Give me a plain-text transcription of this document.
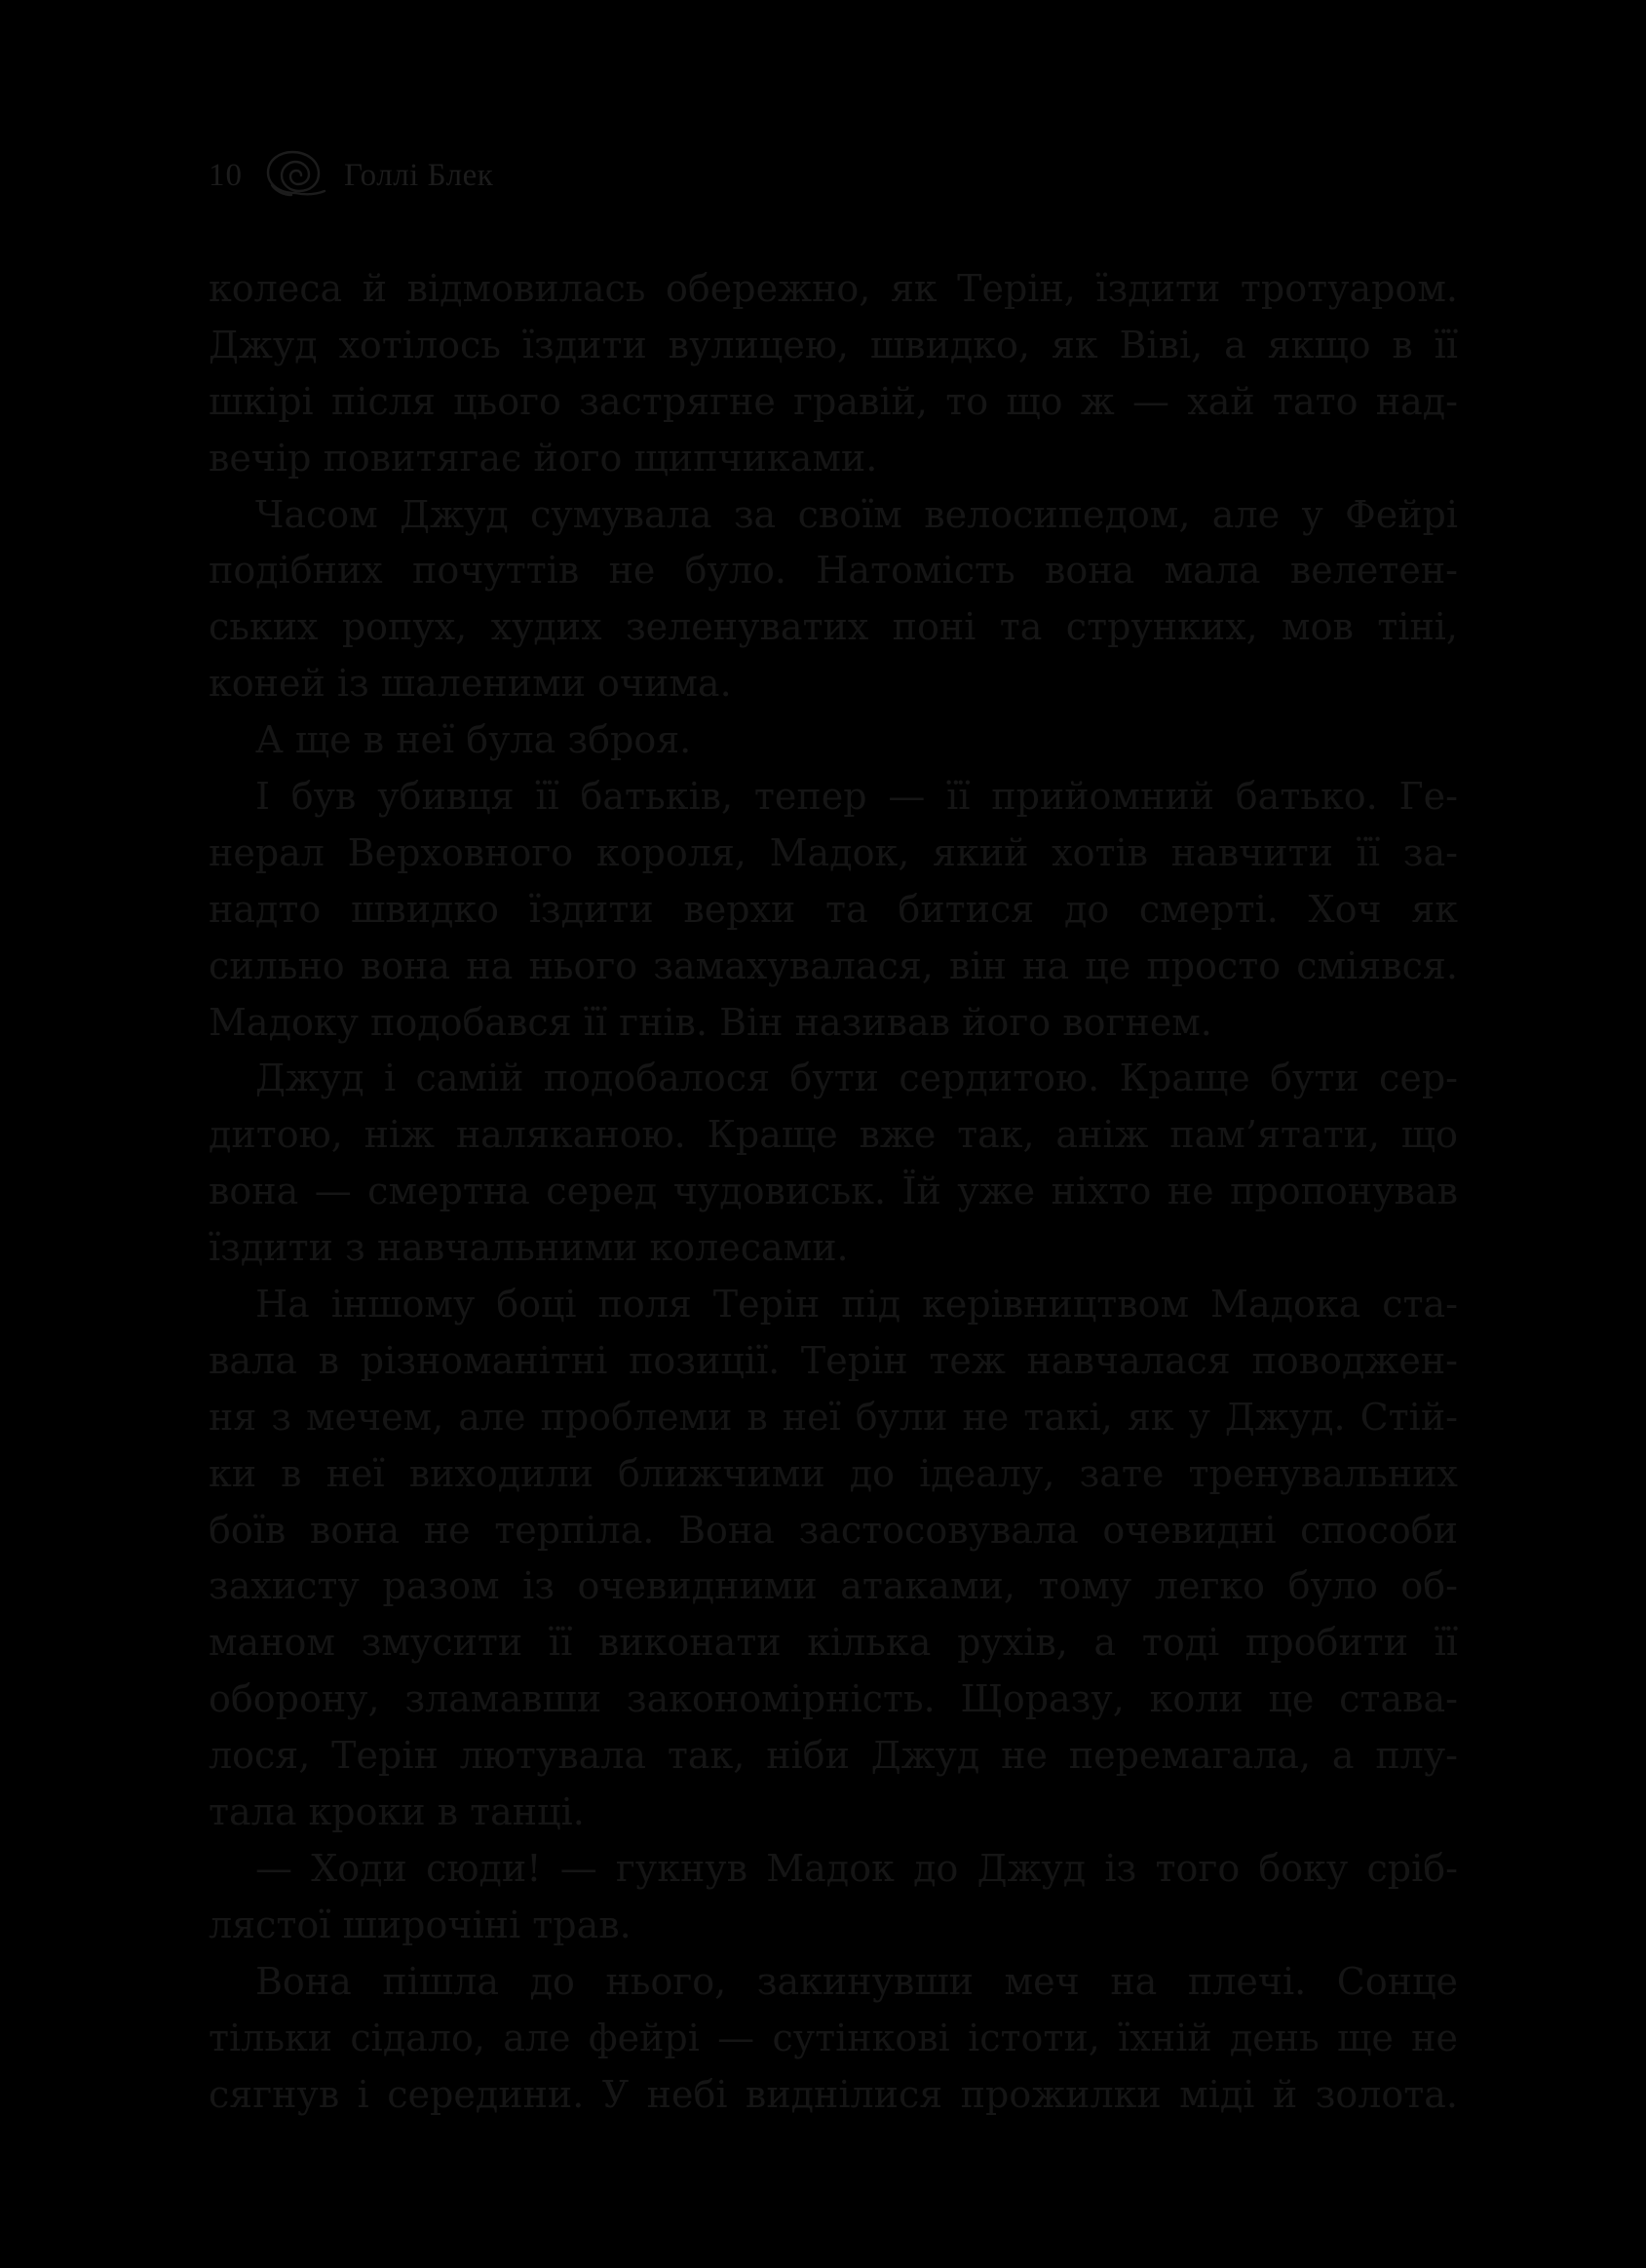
10	Голлі Блек
колеса й відмовилась обережно, як Терін, їздити тротуаром.
Джуд хотілось їздити вулицею, швидко, як Віві, а якщо в її
шкірі після цього застрягне гравій, то що ж — хай тато над-
вечір повитягає його щипчиками.
Часом Джуд сумувала за своїм велосипедом, але у Фейрі
подібних почуттів не було. Натомість вона мала велетен-
ських ропух, худих зеленуватих поні та струнких, мов тіні,
коней із шаленими очима.
А ще в неї була зброя.
І був убивця її батьків, тепер — її прийомний батько. Ге-
нерал Верховного короля, Мадок, який хотів навчити її за-
надто швидко їздити верхи та битися до смерті. Хоч як
сильно вона на нього замахувалася, він на це просто сміявся.
Мадоку подобався її гнів. Він називав його вогнем.
Джуд і самій подобалося бути сердитою. Краще бути сер-
дитою, ніж наляканою. Краще вже так, аніж пам’ятати, що
вона — смертна серед чудовиськ. Їй уже ніхто не пропонував
їздити з навчальними колесами.
На іншому боці поля Терін під керівництвом Мадока ста-
вала в різноманітні позиції. Терін теж навчалася поводжен-
ня з мечем, але проблеми в неї були не такі, як у Джуд. Стій-
ки в неї виходили ближчими до ідеалу, зате тренувальних
боїв вона не терпіла. Вона застосовувала очевидні способи
захисту разом із очевидними атаками, тому легко було об-
маном змусити її виконати кілька рухів, а тоді пробити її
оборону, зламавши закономірність. Щоразу, коли це става-
лося, Терін лютувала так, ніби Джуд не перемагала, а плу-
тала кроки в танці.
— Ходи сюди! — гукнув Мадок до Джуд із того боку сріб-
лястої широчіні трав.
Вона пішла до нього, закинувши меч на плечі. Сонце
тільки сідало, але фейрі — сутінкові істоти, їхній день ще не
сягнув і середини. У небі виднілися прожилки міді й золота.
